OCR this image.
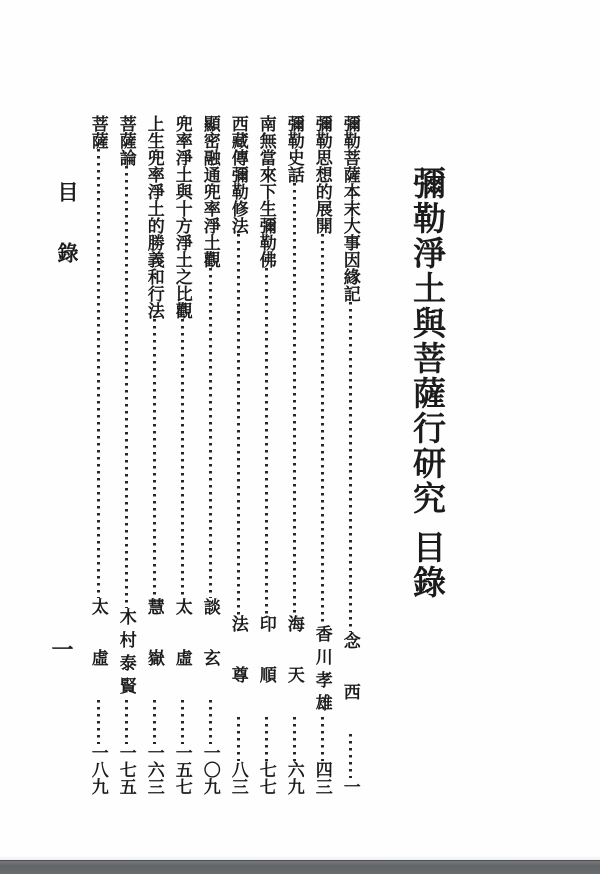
彌勒淨土與菩薩行研究
目錄
彌勒菩薩本末大事因緣記
念西
一
彌勒思想的展開
香川孝雄
四三
彌勒史話
海天
六九
南無當來下生彌勒佛
印順
七七
西藏傳彌勒修法
法尊
八三
顯密融通兜率淨土觀
談玄
一〇九
兜率淨土與十方淨土之比觀
太虛
一五七
上生兜率淨土的勝義和行法
慧嶽
一六三
菩薩論
木村泰賢
一七五
菩薩
太虛
一八九
目錄
一
